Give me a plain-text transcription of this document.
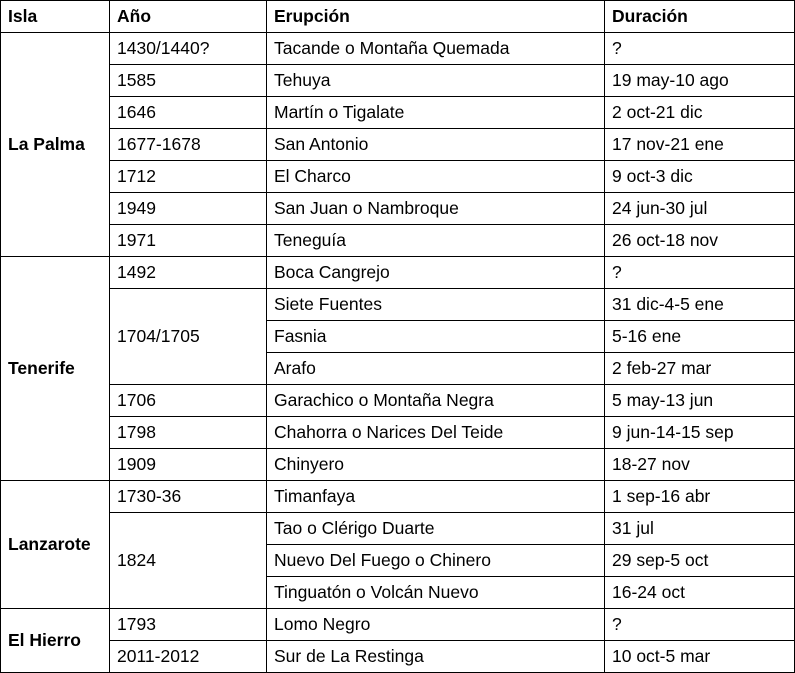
Isla	Año	Erupción	Duración
La Palma	1430/1440?	Tacande o Montaña Quemada	?
	1585	Tehuya	19 may-10 ago
	1646	Martín o Tigalate	2 oct-21 dic
	1677-1678	San Antonio	17 nov-21 ene
	1712	El Charco	9 oct-3 dic
	1949	San Juan o Nambroque	24 jun-30 jul
	1971	Teneguía	26 oct-18 nov
Tenerife	1492	Boca Cangrejo	?
	1704/1705	Siete Fuentes	31 dic-4-5 ene
		Fasnia	5-16 ene
		Arafo	2 feb-27 mar
	1706	Garachico o Montaña Negra	5 may-13 jun
	1798	Chahorra o Narices Del Teide	9 jun-14-15 sep
	1909	Chinyero	18-27 nov
Lanzarote	1730-36	Timanfaya	1 sep-16 abr
	1824	Tao o Clérigo Duarte	31 jul
		Nuevo Del Fuego o Chinero	29 sep-5 oct
		Tinguatón o Volcán Nuevo	16-24 oct
El Hierro	1793	Lomo Negro	?
	2011-2012	Sur de La Restinga	10 oct-5 mar
